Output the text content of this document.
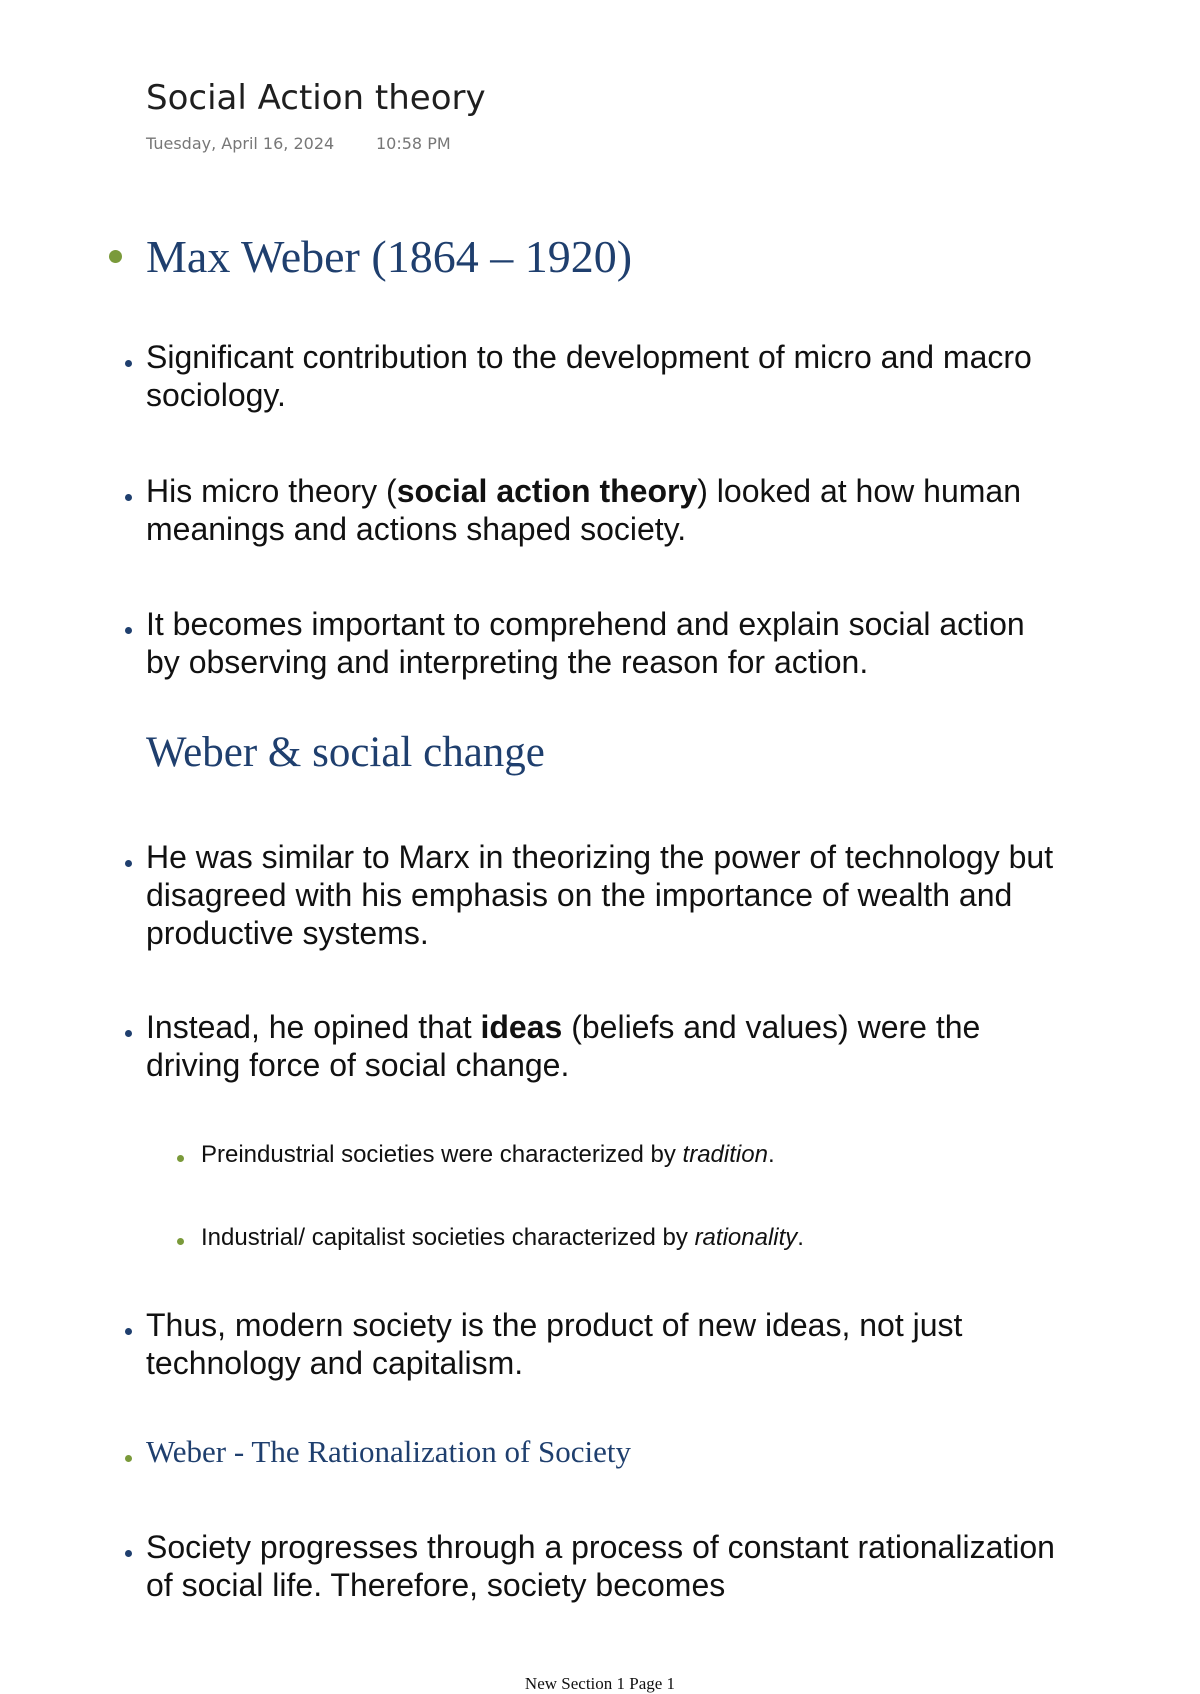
Social Action theory
Tuesday, April 16, 2024	10:58 PM
Max Weber (1864 – 1920)

Significant contribution to the development of micro and macro sociology.

His micro theory (social action theory) looked at how human meanings and actions shaped society.

It becomes important to comprehend and explain social action by observing and interpreting the reason for action.

Weber & social change

He was similar to Marx in theorizing the power of technology but disagreed with his emphasis on the importance of wealth and productive systems.

Instead, he opined that ideas (beliefs and values) were the driving force of social change.

Preindustrial societies were characterized by tradition.

Industrial/ capitalist societies characterized by rationality.

Thus, modern society is the product of new ideas, not just technology and capitalism.

Weber - The Rationalization of Society

Society progresses through a process of constant rationalization of social life. Therefore, society becomes

New Section 1 Page 1
